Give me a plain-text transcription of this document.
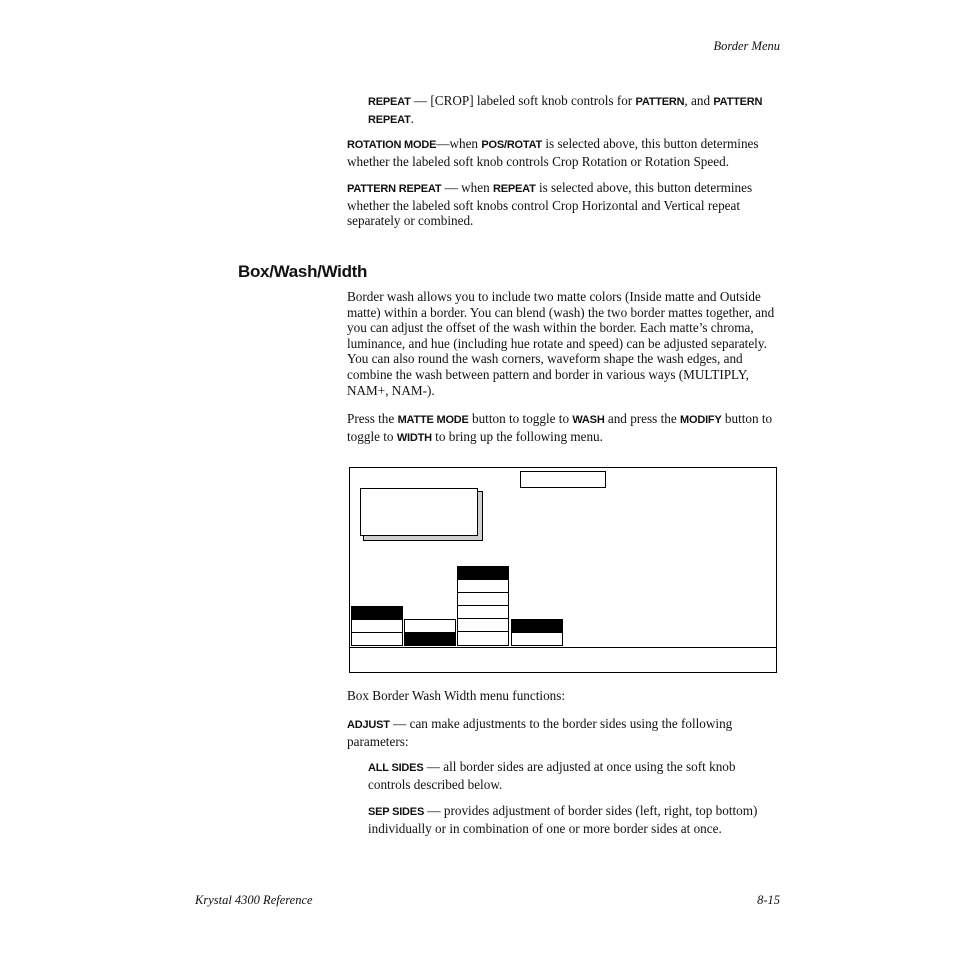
Border Menu
REPEAT — [CROP] labeled soft knob controls for PATTERN, and PATTERN REPEAT.
ROTATION MODE—when POS/ROTAT is selected above, this button determines whether the labeled soft knob controls Crop Rotation or Rotation Speed.
PATTERN REPEAT — when REPEAT is selected above, this button determines whether the labeled soft knobs control Crop Horizontal and Vertical repeat separately or combined.
Box/Wash/Width
Border wash allows you to include two matte colors (Inside matte and Outside matte) within a border. You can blend (wash) the two border mattes together, and you can adjust the offset of the wash within the border. Each matte’s chroma, luminance, and hue (including hue rotate and speed) can be adjusted separately. You can also round the wash corners, waveform shape the wash edges, and combine the wash between pattern and border in various ways (MULTIPLY, NAM+, NAM-).
Press the MATTE MODE button to toggle to WASH and press the MODIFY button to toggle to WIDTH to bring up the following menu.
Box Border Wash Width menu functions:
ADJUST — can make adjustments to the border sides using the following parameters:
ALL SIDES — all border sides are adjusted at once using the soft knob controls described below.
SEP SIDES — provides adjustment of border sides (left, right, top bottom) individually or in combination of one or more border sides at once.
Krystal 4300 Reference	8-15
